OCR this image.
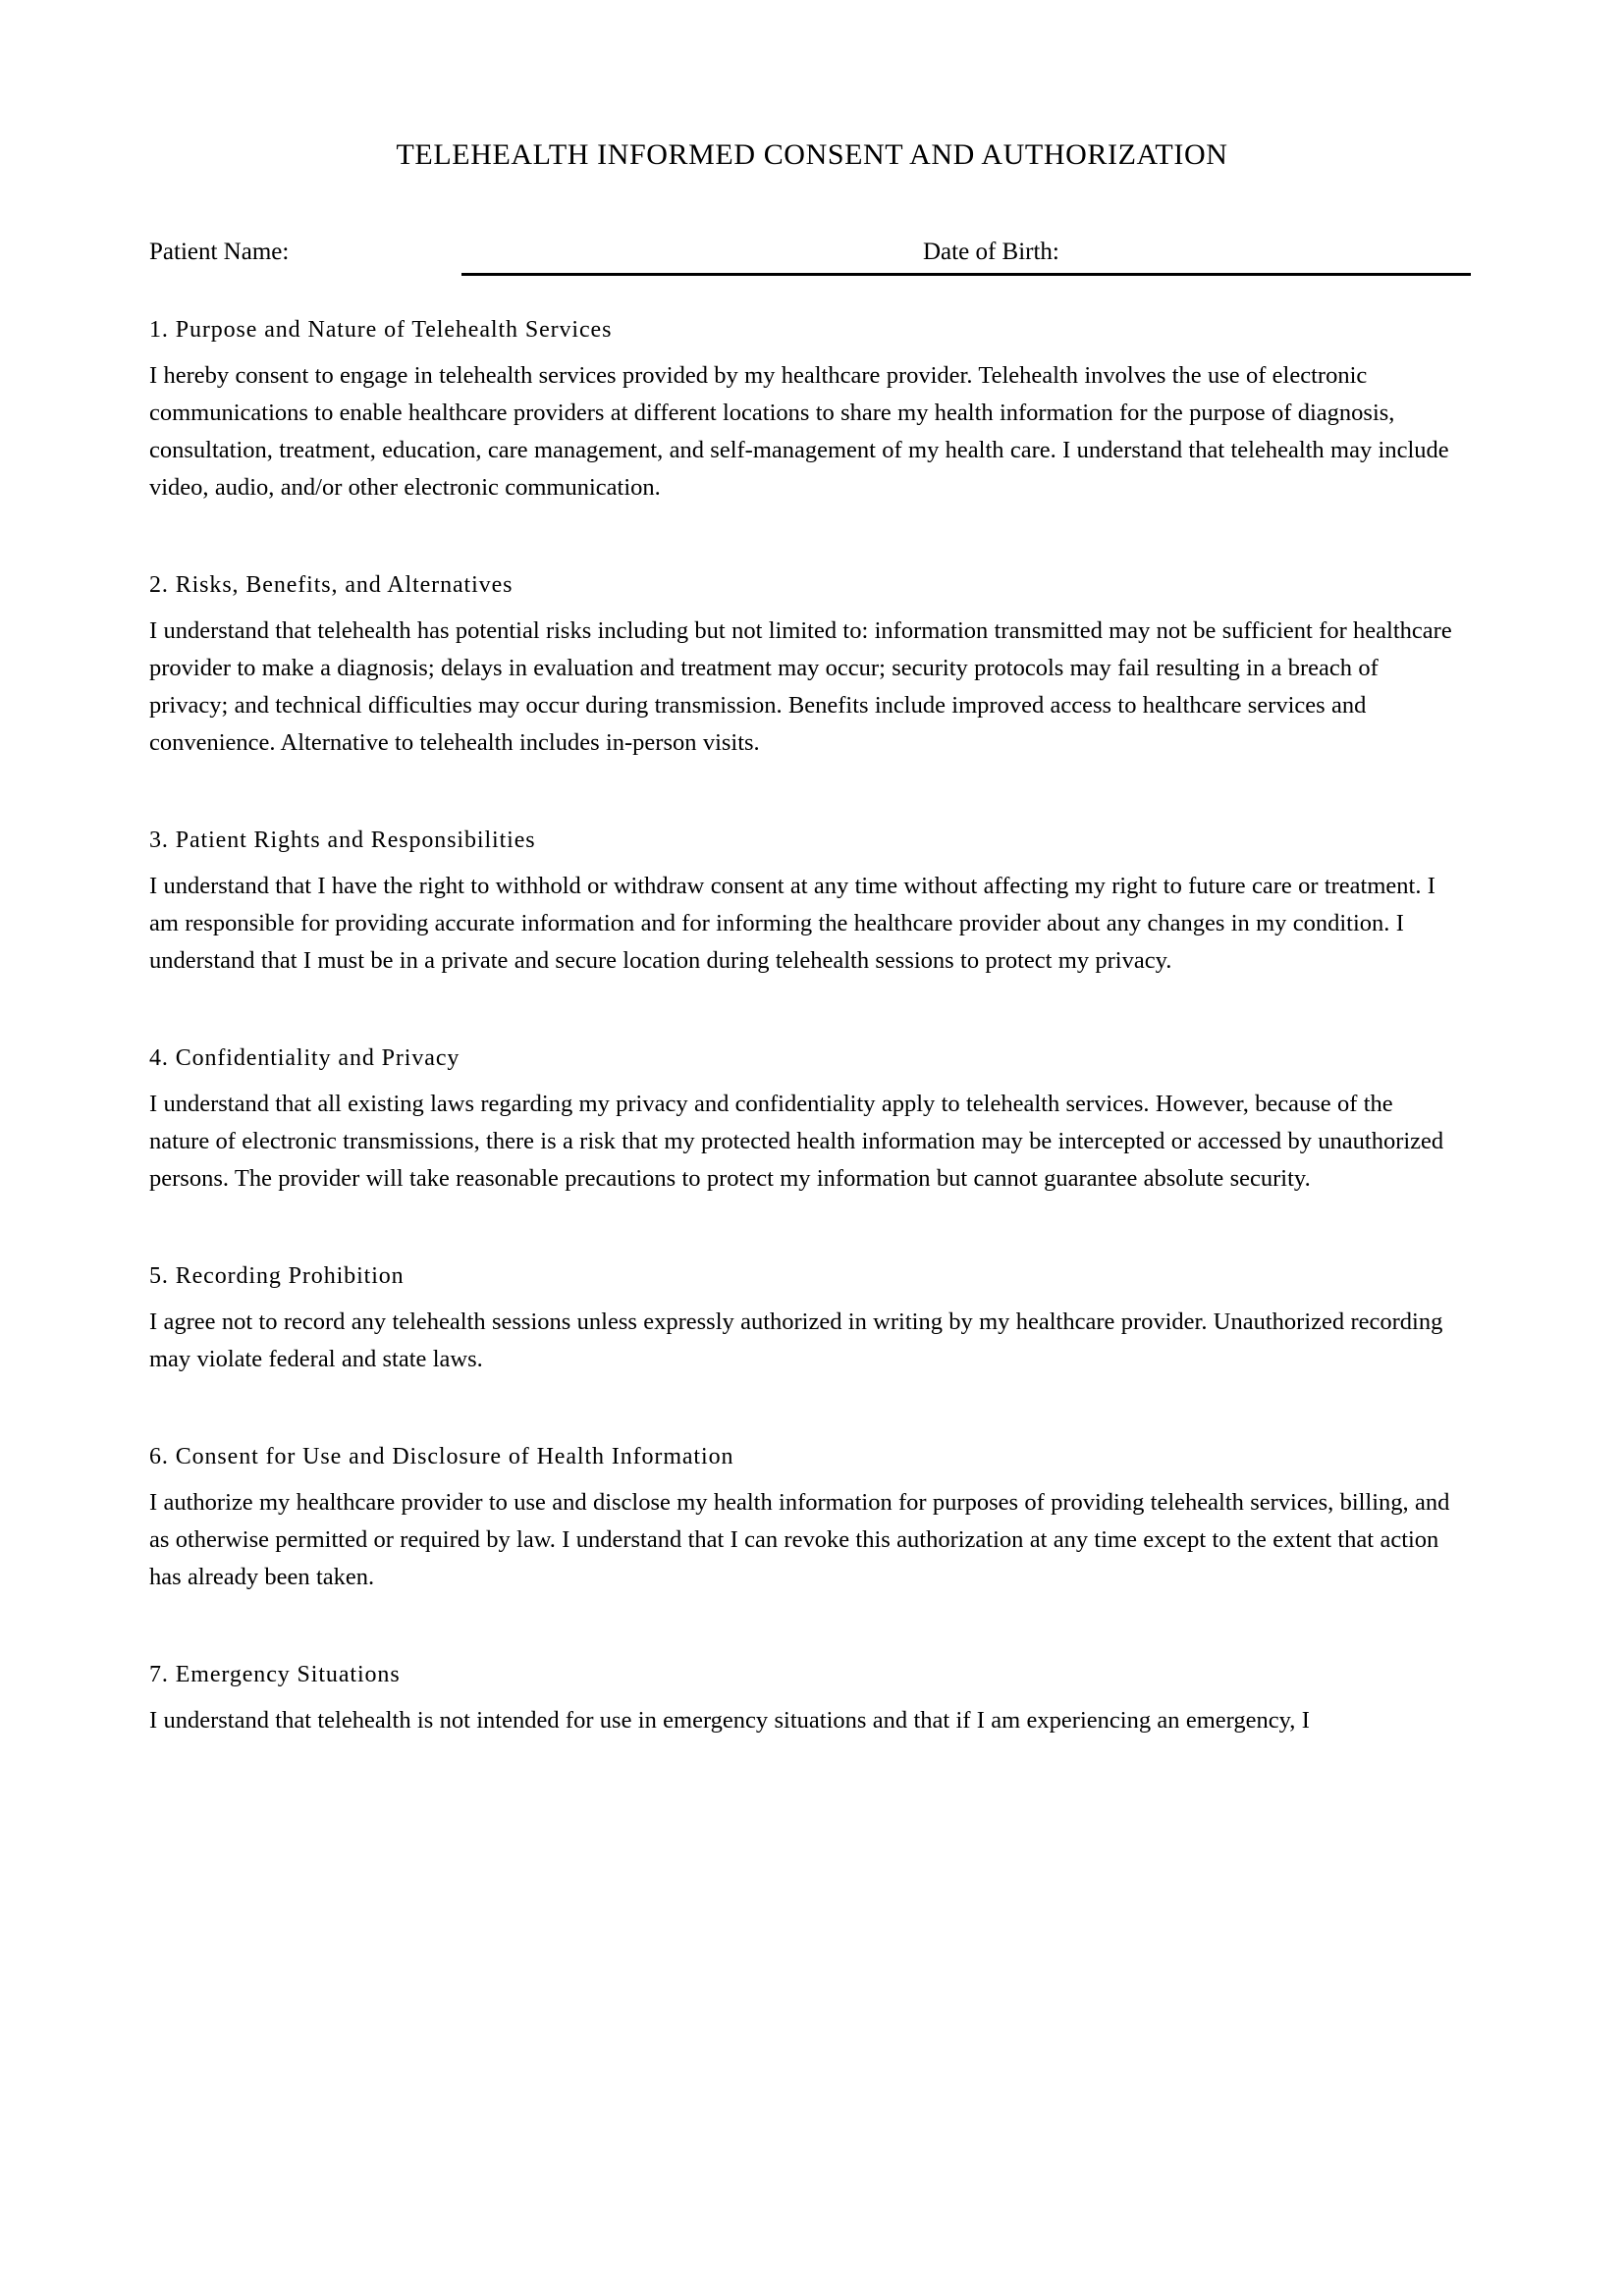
TELEHEALTH INFORMED CONSENT AND AUTHORIZATION
Patient Name:	Date of Birth:
1. Purpose and Nature of Telehealth Services

I hereby consent to engage in telehealth services provided by my healthcare provider. Telehealth involves the use of electronic communications to enable healthcare providers at different locations to share my health information for the purpose of diagnosis, consultation, treatment, education, care management, and self-management of my health care. I understand that telehealth may include video, audio, and/or other electronic communication.

2. Risks, Benefits, and Alternatives

I understand that telehealth has potential risks including but not limited to: information transmitted may not be sufficient for healthcare provider to make a diagnosis; delays in evaluation and treatment may occur; security protocols may fail resulting in a breach of privacy; and technical difficulties may occur during transmission. Benefits include improved access to healthcare services and convenience. Alternative to telehealth includes in-person visits.

3. Patient Rights and Responsibilities

I understand that I have the right to withhold or withdraw consent at any time without affecting my right to future care or treatment. I am responsible for providing accurate information and for informing the healthcare provider about any changes in my condition. I understand that I must be in a private and secure location during telehealth sessions to protect my privacy.

4. Confidentiality and Privacy

I understand that all existing laws regarding my privacy and confidentiality apply to telehealth services. However, because of the nature of electronic transmissions, there is a risk that my protected health information may be intercepted or accessed by unauthorized persons. The provider will take reasonable precautions to protect my information but cannot guarantee absolute security.

5. Recording Prohibition

I agree not to record any telehealth sessions unless expressly authorized in writing by my healthcare provider. Unauthorized recording may violate federal and state laws.

6. Consent for Use and Disclosure of Health Information

I authorize my healthcare provider to use and disclose my health information for purposes of providing telehealth services, billing, and as otherwise permitted or required by law. I understand that I can revoke this authorization at any time except to the extent that action has already been taken.

7. Emergency Situations

I understand that telehealth is not intended for use in emergency situations and that if I am experiencing an emergency, I
